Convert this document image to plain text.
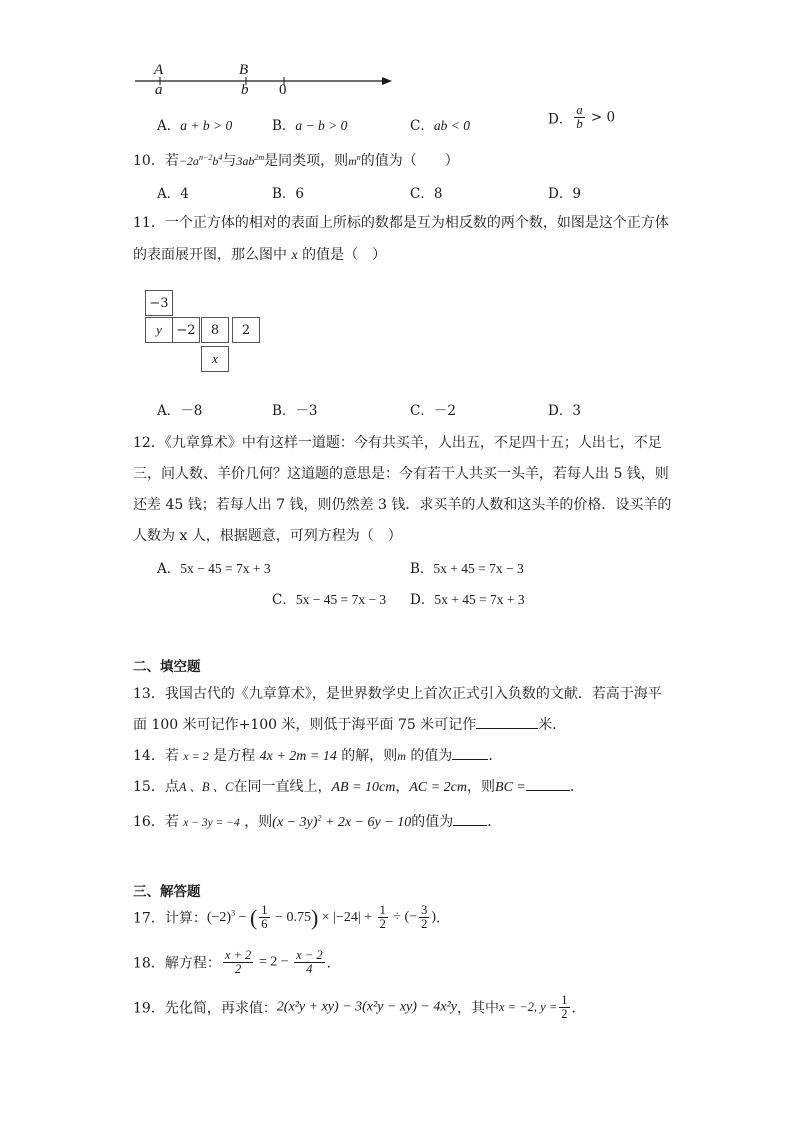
A	B
a	b 0
A．a + b > 0	B．a − b > 0	C．ab < 0	D． $\frac{a}{b} > 0$
10．若$-2a^{n-2}b^4$与$3ab^{2m}$是同类项，则$m^n$的值为（　　）
A．4	B．6	C．8	D．9
11．一个正方体的相对的表面上所标的数都是互为相反数的两个数，如图是这个正方体
的表面展开图，那么图中 x 的值是（　）
−3
y	−2	8	2
x
A．－8	B．－3	C．－2	D．3
12．《九章算术》中有这样一道题：今有共买羊，人出五，不足四十五；人出七，不足
三，问人数、羊价几何？这道题的意思是：今有若干人共买一头羊，若每人出 5 钱，则
还差 45 钱；若每人出 7 钱，则仍然差 3 钱．求买羊的人数和这头羊的价格．设买羊的
人数为 x 人，根据题意，可列方程为（　）
A．5x − 45 = 7x + 3	B．5x + 45 = 7x − 3
C．5x − 45 = 7x − 3 D．5x + 45 = 7x + 3
二、填空题
13．我国古代的《九章算术》，是世界数学史上首次正式引入负数的文献．若高于海平
面 100 米可记作+100 米，则低于海平面 75 米可记作	米．
14．若 x = 2 是方程 4x + 2m = 14 的解，则m 的值为	．
15．点A 、B 、C在同一直线上，AB = 10cm，AC = 2cm，则BC =	．
16．若 x − 3y = −4 ，则$(x - 3y)^2 + 2x - 6y - 10$的值为 ．
三、解答题
17．计算：$(-2)^3$ − ( $\frac{1}{6} - 0.75) \times |-24| + \frac{1}{2}$ ÷ (− $\frac{3}{2}$ )．
18．解方程： $\frac{x + 2}{2} = 2 - \frac{x - 2}{4}$ ．
19．先化简，再求值：2(x²y + xy) − 3(x²y − xy) − 4x²y，其中x = −2, $y = \frac{1}{2}$ ．
